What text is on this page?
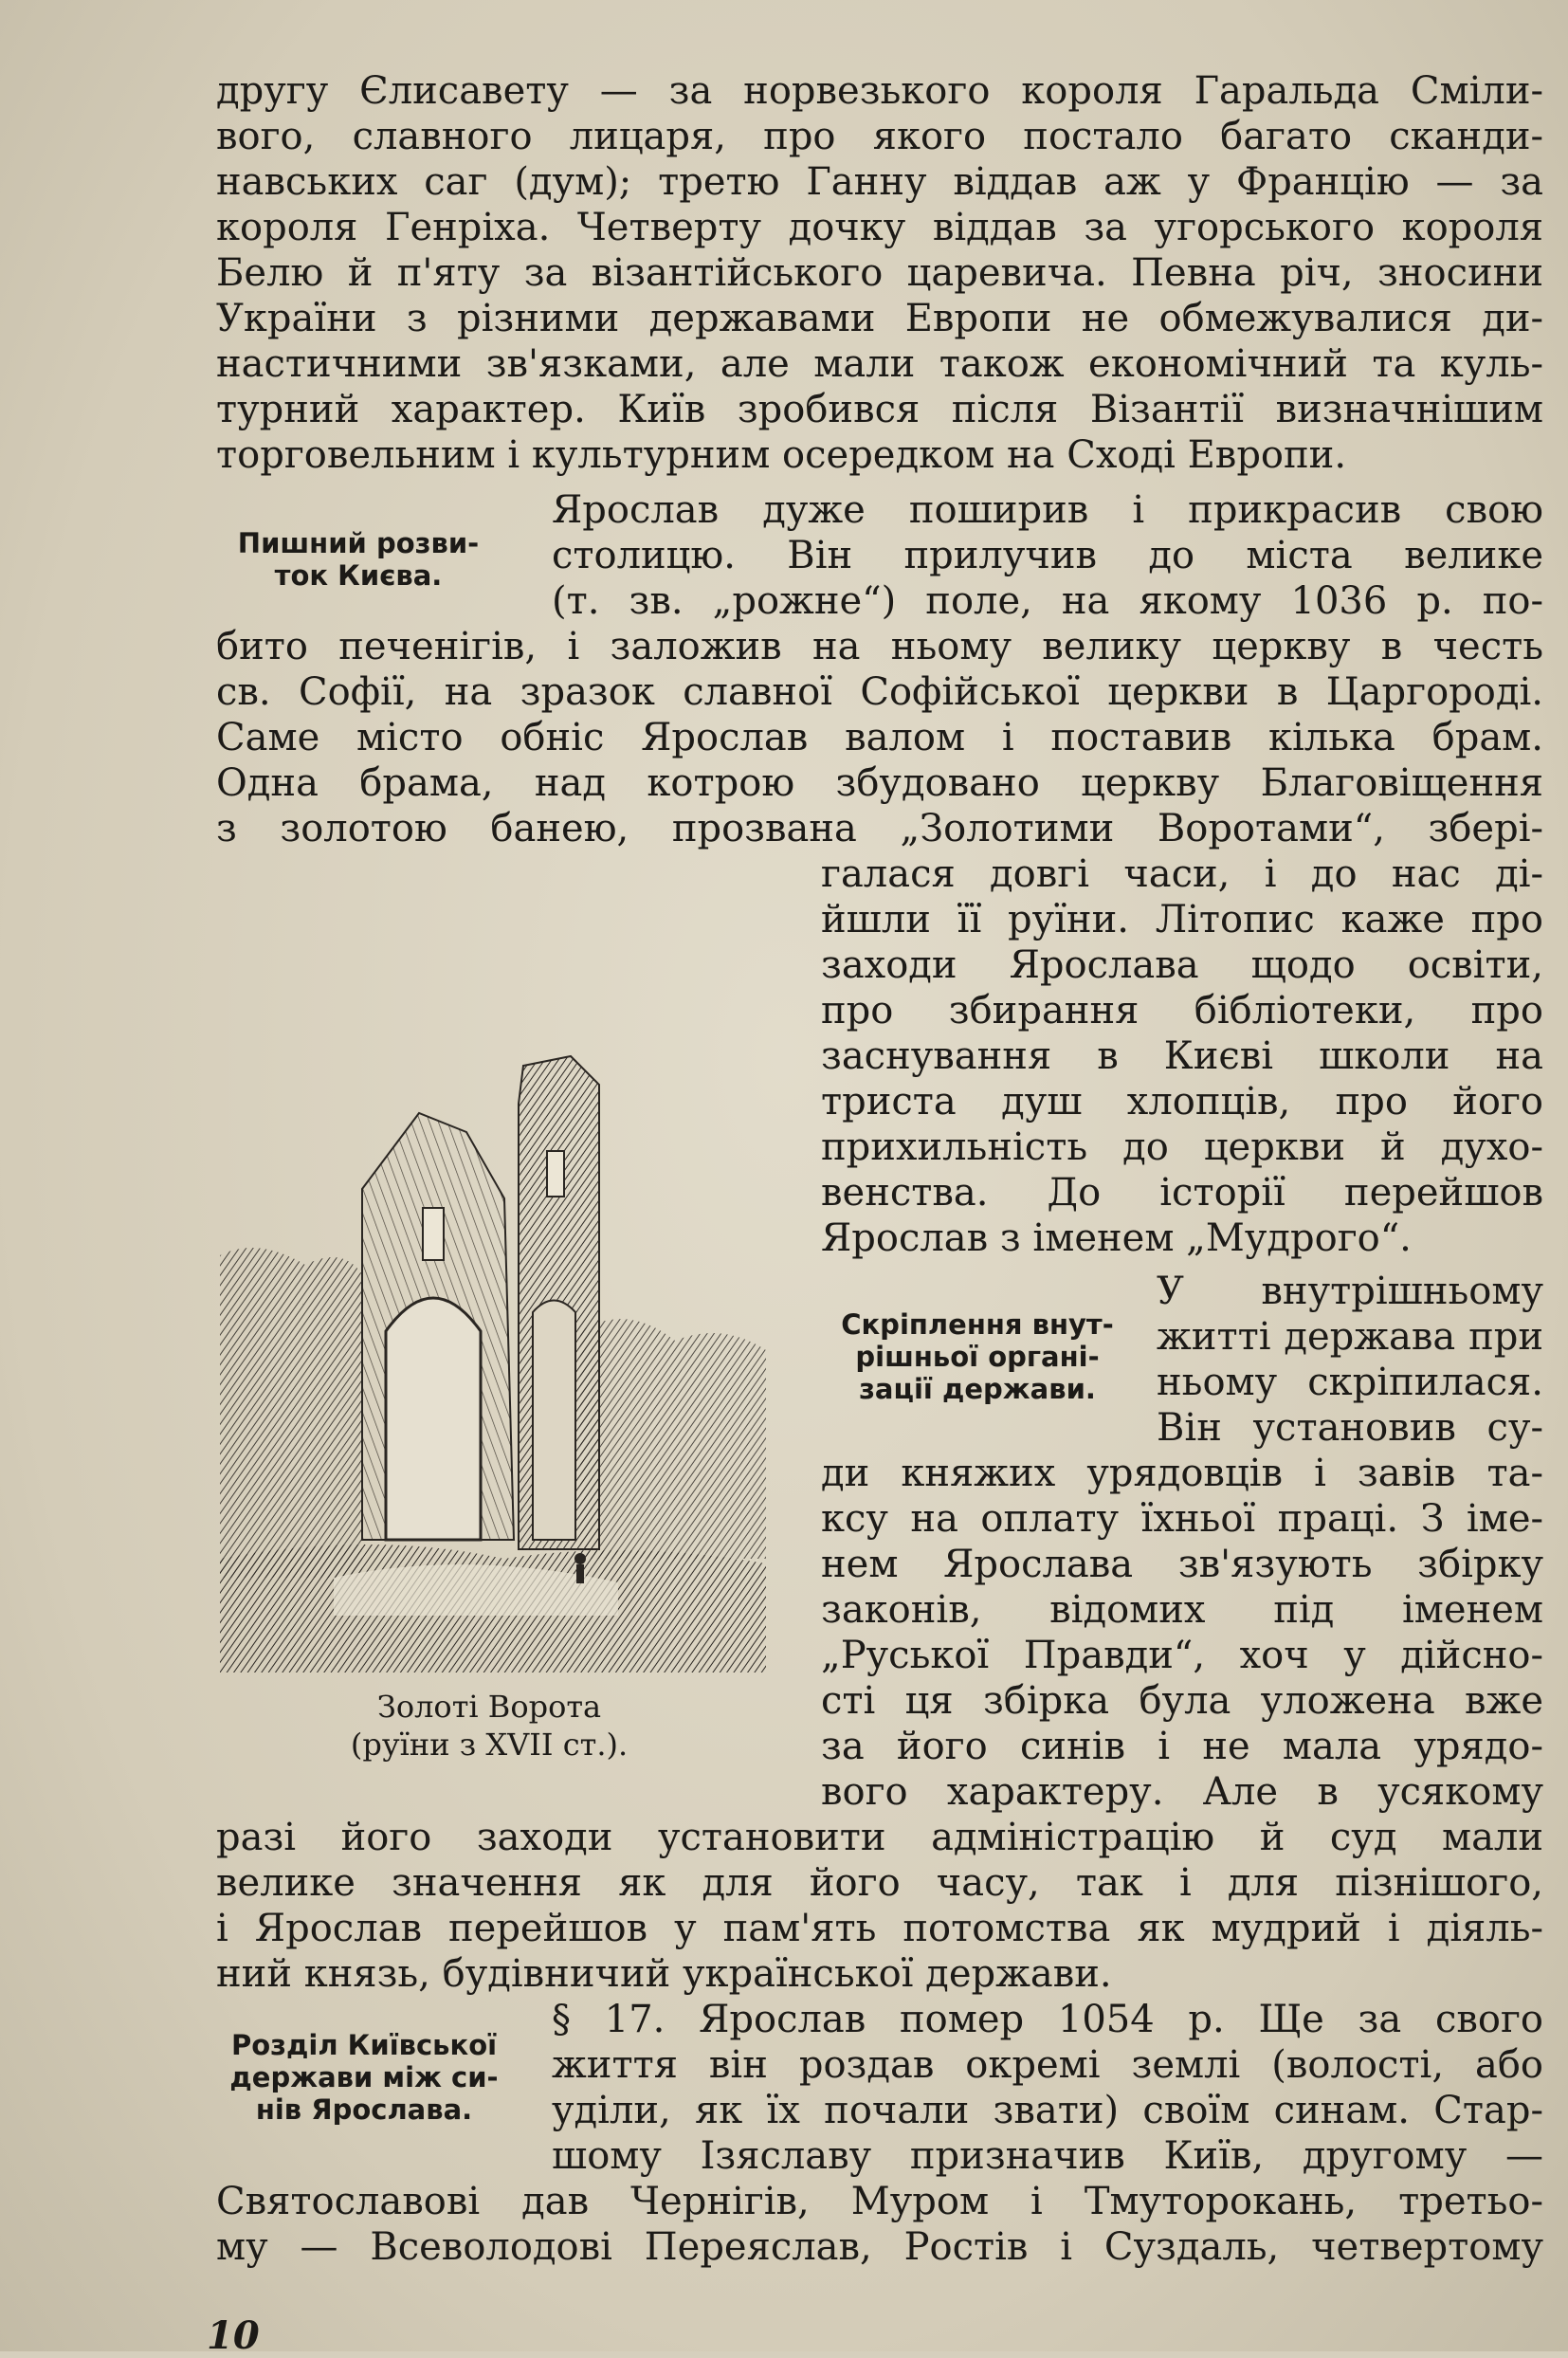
другу Єлисавету — за норвезького короля Гаральда Сміли-
вого, славного лицаря, про якого постало багато сканди-
навських саг (дум); третю Ганну віддав аж у Францію — за
короля Генріха. Четверту дочку віддав за угорського короля
Белю й п'яту за візантійського царевича. Певна річ, зносини
України з різними державами Европи не обмежувалися ди-
настичними зв'язками, але мали також економічний та куль-
турний характер. Київ зробився після Візантії визначнішим
торговельним і культурним осередком на Сході Европи.
Пишний розви-
ток Києва.
Ярослав дуже поширив і прикрасив свою
столицю. Він прилучив до міста велике
(т. зв. „рожне“) поле, на якому 1036 р. по-
бито печенігів, і заложив на ньому велику церкву в честь
св. Софії, на зразок славної Софійської церкви в Царгороді.
Саме місто обніс Ярослав валом і поставив кілька брам.
Одна брама, над котрою збудовано церкву Благовіщення
з золотою банею, прозвана „Золотими Воротами“, збері-
галася довгі часи, і до нас ді-
йшли її руїни. Літопис каже про
заходи Ярослава щодо освіти,
про збирання бібліотеки, про
заснування в Києві школи на
триста душ хлопців, про його
прихильність до церкви й духо-
венства. До історії перейшов
Ярослав з іменем „Мудрого“.
Скріплення внут-
рішньої органі-
зації держави.
У внутрішньому
житті держава при
ньому скріпилася.
Він установив су-
ди княжих урядовців і завів та-
ксу на оплату їхньої праці. З іме-
нем Ярослава зв'язують збірку
законів, відомих під іменем
„Руської Правди“, хоч у дійсно-
сті ця збірка була уложена вже
за його синів і не мала урядо-
вого характеру. Але в усякому
разі його заходи установити адміністрацію й суд мали
велике значення як для його часу, так і для пізнішого,
і Ярослав перейшов у пам'ять потомства як мудрий і діяль-
ний князь, будівничий української держави.
Розділ Київської
держави між си-
нів Ярослава.
§ 17. Ярослав помер 1054 р. Ще за свого
життя він роздав окремі землі (волості, або
уділи, як їх почали звати) своїм синам. Стар-
шому Ізяславу призначив Київ, другому —
Святославові дав Чернігів, Муром і Тмуторокань, третьо-
му — Всеволодові Переяслав, Ростів і Суздаль, четвертому
Золоті Ворота
(руїни з XVII ст.).
10
